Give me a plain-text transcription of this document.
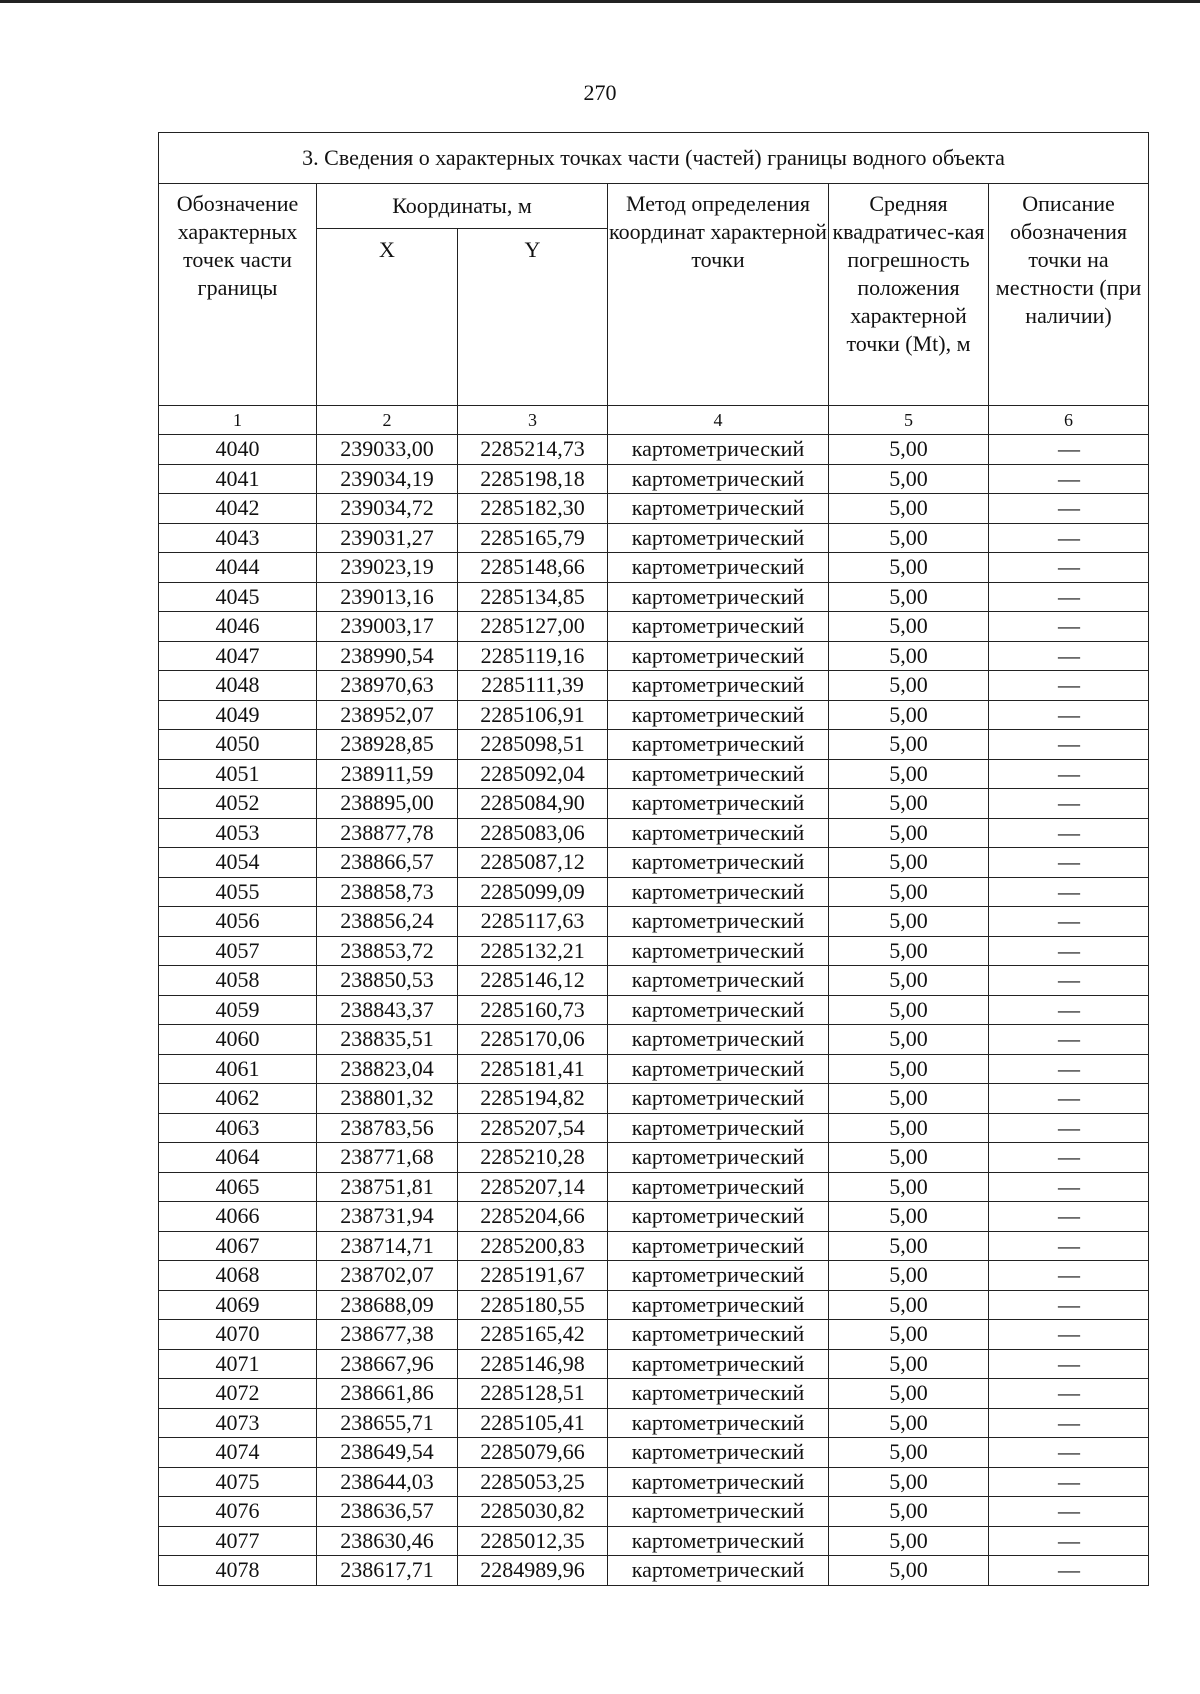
270
3. Сведения о характерных точках части (частей) границы водного объекта					
Обозначение характерных точек части границы	Координаты, м		Метод определения координат характерной точки	Средняя квадратичес-кая погрешность положения характерной точки (Mt), м	Описание обозначения точки на местности (при наличии)
	X	Y			
1	2	3	4	5	6
4040	239033,00	2285214,73	картометрический	5,00	—
4041	239034,19	2285198,18	картометрический	5,00	—
4042	239034,72	2285182,30	картометрический	5,00	—
4043	239031,27	2285165,79	картометрический	5,00	—
4044	239023,19	2285148,66	картометрический	5,00	—
4045	239013,16	2285134,85	картометрический	5,00	—
4046	239003,17	2285127,00	картометрический	5,00	—
4047	238990,54	2285119,16	картометрический	5,00	—
4048	238970,63	2285111,39	картометрический	5,00	—
4049	238952,07	2285106,91	картометрический	5,00	—
4050	238928,85	2285098,51	картометрический	5,00	—
4051	238911,59	2285092,04	картометрический	5,00	—
4052	238895,00	2285084,90	картометрический	5,00	—
4053	238877,78	2285083,06	картометрический	5,00	—
4054	238866,57	2285087,12	картометрический	5,00	—
4055	238858,73	2285099,09	картометрический	5,00	—
4056	238856,24	2285117,63	картометрический	5,00	—
4057	238853,72	2285132,21	картометрический	5,00	—
4058	238850,53	2285146,12	картометрический	5,00	—
4059	238843,37	2285160,73	картометрический	5,00	—
4060	238835,51	2285170,06	картометрический	5,00	—
4061	238823,04	2285181,41	картометрический	5,00	—
4062	238801,32	2285194,82	картометрический	5,00	—
4063	238783,56	2285207,54	картометрический	5,00	—
4064	238771,68	2285210,28	картометрический	5,00	—
4065	238751,81	2285207,14	картометрический	5,00	—
4066	238731,94	2285204,66	картометрический	5,00	—
4067	238714,71	2285200,83	картометрический	5,00	—
4068	238702,07	2285191,67	картометрический	5,00	—
4069	238688,09	2285180,55	картометрический	5,00	—
4070	238677,38	2285165,42	картометрический	5,00	—
4071	238667,96	2285146,98	картометрический	5,00	—
4072	238661,86	2285128,51	картометрический	5,00	—
4073	238655,71	2285105,41	картометрический	5,00	—
4074	238649,54	2285079,66	картометрический	5,00	—
4075	238644,03	2285053,25	картометрический	5,00	—
4076	238636,57	2285030,82	картометрический	5,00	—
4077	238630,46	2285012,35	картометрический	5,00	—
4078	238617,71	2284989,96	картометрический	5,00	—
